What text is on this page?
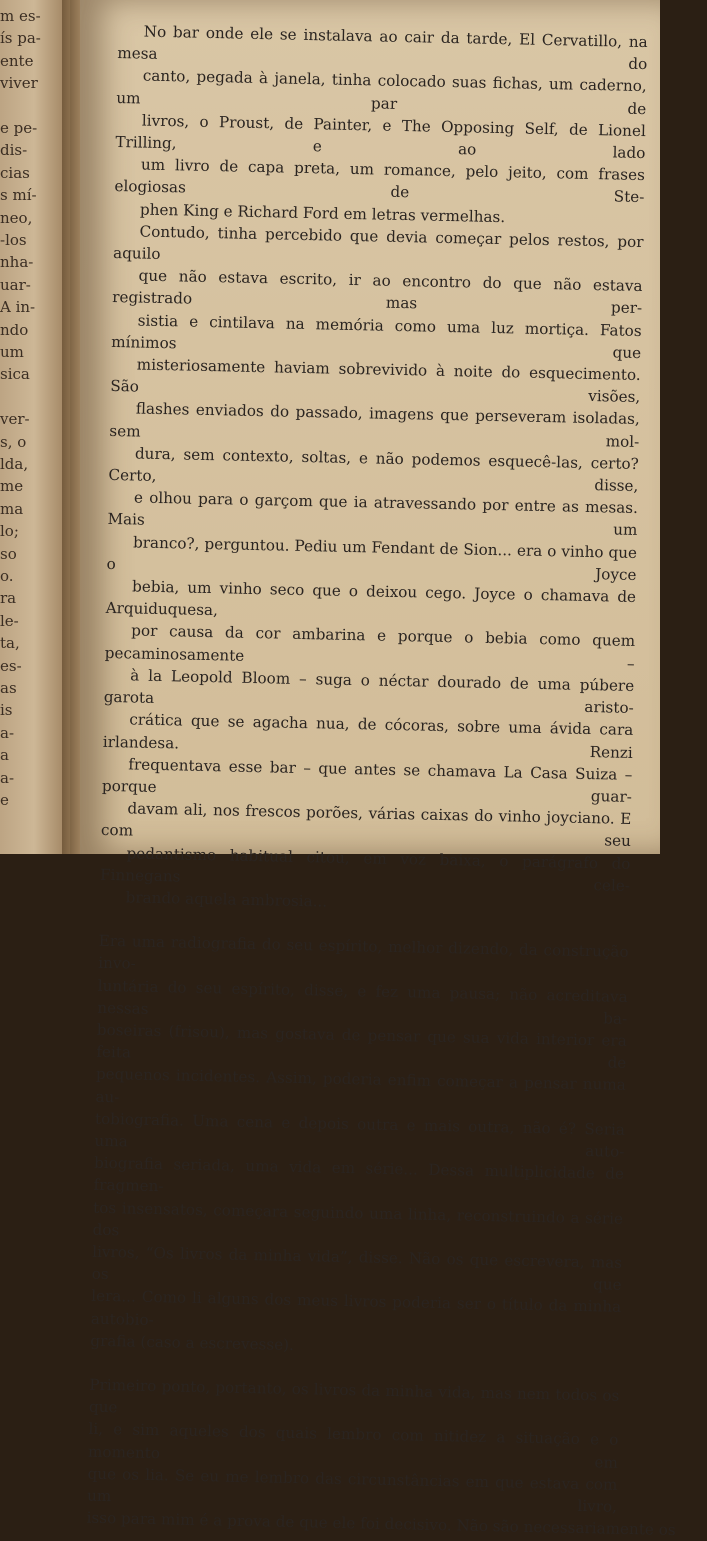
m es-
ís pa-
ente
viver
e pe-
dis-
cias
s mí-
neo,
-los
nha-
uar-
A in-
ndo
um
sica
ver-
s, o
lda,
me
ma
lo;
so
o.
ra
le-
ta,
es-
as
is
a-
a
a-
e

No bar onde ele se instalava ao cair da tarde, El Cervatillo, na mesa do
canto, pegada à janela, tinha colocado suas fichas, um caderno, um par de
livros, o Proust, de Painter, e The Opposing Self, de Lionel Trilling, e ao lado
um livro de capa preta, um romance, pelo jeito, com frases elogiosas de Ste-
phen King e Richard Ford em letras vermelhas.

Contudo, tinha percebido que devia começar pelos restos, por aquilo
que não estava escrito, ir ao encontro do que não estava registrado mas per-
sistia e cintilava na memória como uma luz mortiça. Fatos mínimos que
misteriosamente haviam sobrevivido à noite do esquecimento. São visões,
flashes enviados do passado, imagens que perseveram isoladas, sem mol-
dura, sem contexto, soltas, e não podemos esquecê-las, certo? Certo, disse,
e olhou para o garçom que ia atravessando por entre as mesas. Mais um
branco?, perguntou. Pediu um Fendant de Sion... era o vinho que o Joyce
bebia, um vinho seco que o deixou cego. Joyce o chamava de Arquiduquesa,
por causa da cor ambarina e porque o bebia como quem pecaminosamente –
à la Leopold Bloom – suga o néctar dourado de uma púbere garota aristo-
crática que se agacha nua, de cócoras, sobre uma ávida cara irlandesa. Renzi
frequentava esse bar – que antes se chamava La Casa Suiza – porque guar-
davam ali, nos frescos porões, várias caixas do vinho joyciano. E com seu
pedantismo habitual citou, em voz baixa, o parágrafo do Finnegans cele-
brando aquela ambrosia...

Era uma radiografia do seu espírito, melhor dizendo, da construção invo-
luntária do seu espírito, disse, e fez uma pausa; não acreditava nessas ba-
boseiras (frisou), mas gostava de pensar que sua vida interior era feita de
pequenos incidentes. Assim, poderia enfim começar a pensar numa au-
tobiografia. Uma cena e depois outra e mais outra, não é? Seria uma auto-
biografia seriada, uma vida em série... Dessa multiplicidade de fragmen-
tos insensatos, começara seguindo uma linha, reconstruindo a série dos
livros, “Os livros da minha vida”, disse. Não os que escrevera, mas os que
lera... Como li alguns dos meus livros poderia ser o título da minha autobio-
grafia (caso a escrevesse).

Primeiro ponto, portanto, os livros da minha vida, mas nem todos os que
li, e sim aqueles dos quais lembro com nitidez a situação e o momento em
que os lia. Se eu me lembro das circunstâncias em que estava com um livro,
isso para mim é a prova de que ele foi decisivo. Não são necessariamente os
